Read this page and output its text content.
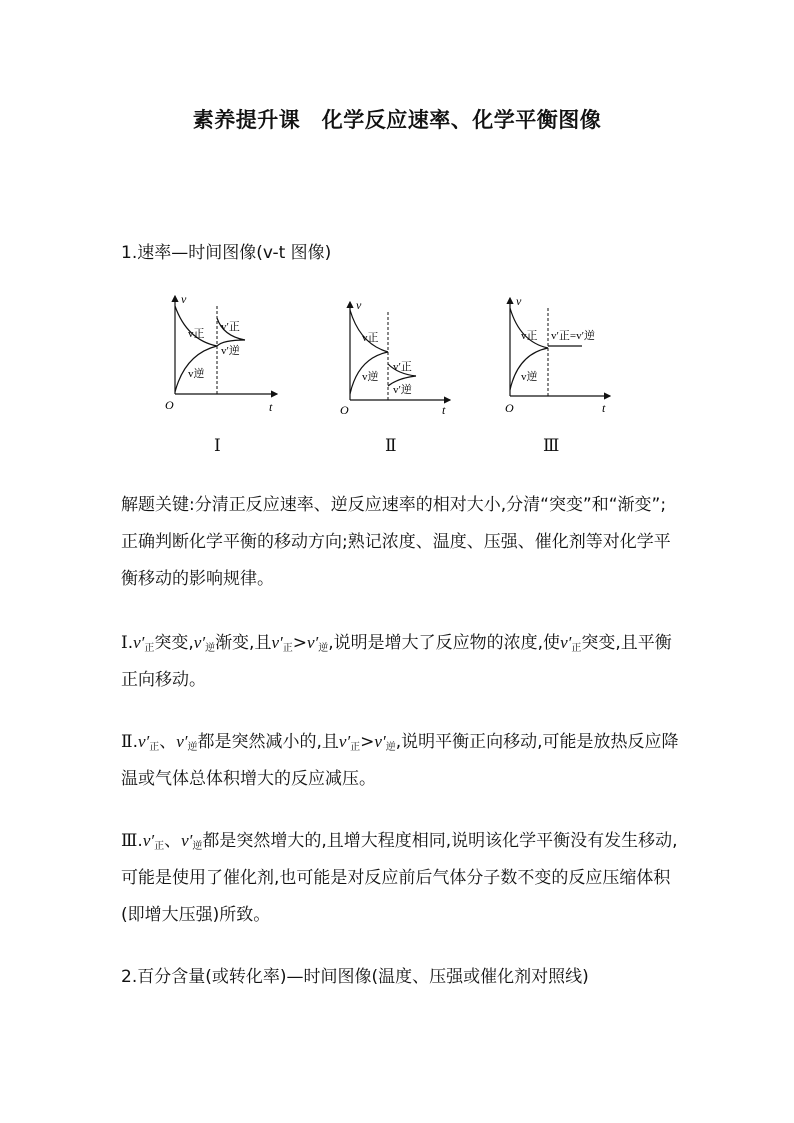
素养提升课　化学反应速率、化学平衡图像
1.速率—时间图像(v-t 图像)
v
t
O
v正
v逆
v′正
v′逆
v
t
O
v正
v逆
v′正
v′逆
v
t
O
v正
v逆
v′正=v′逆
Ⅰ	Ⅱ	Ⅲ
解题关键:分清正反应速率、逆反应速率的相对大小,分清“突变”和“渐变”;正确判断化学平衡的移动方向;熟记浓度、温度、压强、催化剂等对化学平衡移动的影响规律。
$Ⅰ.v'_正$突变$,v'_逆$渐变,且$v'_正>v'_逆$,说明是增大了反应物的浓度,使$v'_正$突变,且平衡正向移动。
$Ⅱ.v'_正$、$v'_逆$都是突然减小的,且$v'_正>v'_逆$,说明平衡正向移动,可能是放热反应降温或气体总体积增大的反应减压。
$Ⅲ.v'_正$、$v'_逆$都是突然增大的,且增大程度相同,说明该化学平衡没有发生移动,可能是使用了催化剂,也可能是对反应前后气体分子数不变的反应压缩体积(即增大压强)所致。
2.百分含量(或转化率)—时间图像(温度、压强或催化剂对照线)
